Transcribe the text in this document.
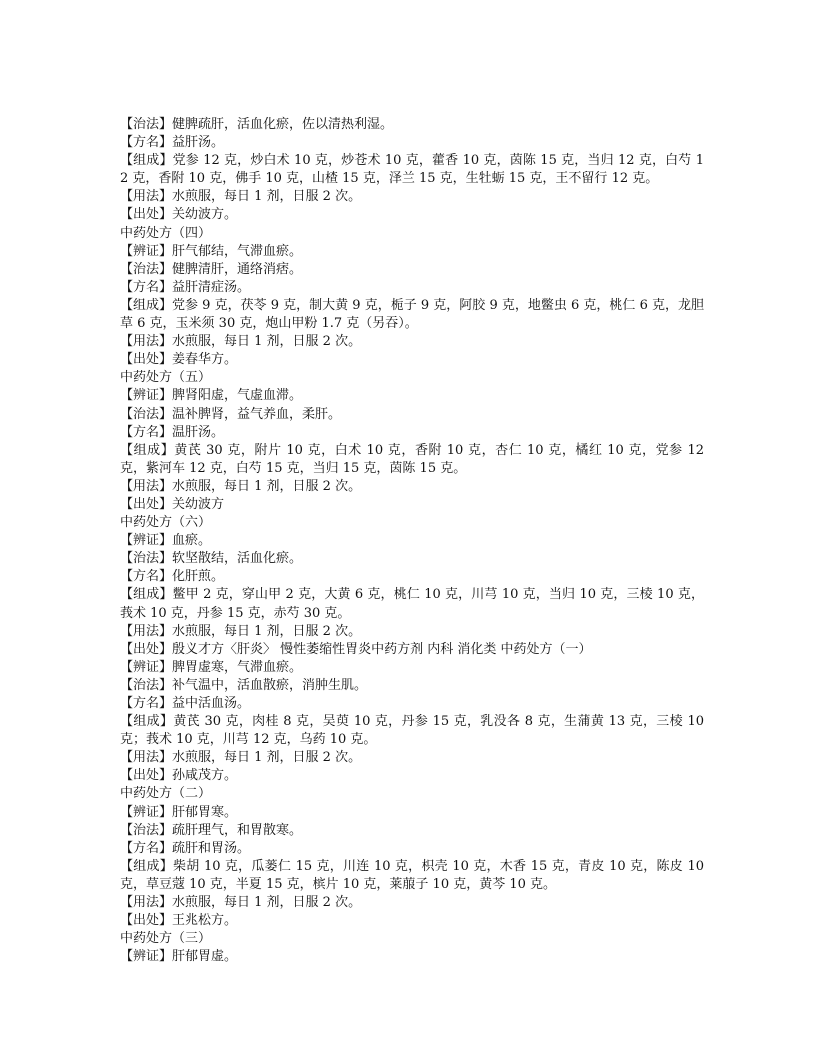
【治法】健脾疏肝，活血化瘀，佐以清热利湿。
【方名】益肝汤。
【组成】党参 12 克，炒白术 10 克，炒苍术 10 克，藿香 10 克，茵陈 15 克，当归 12 克，白芍 12 克，香附 10 克，佛手 10 克，山楂 15 克，泽兰 15 克，生牡蛎 15 克，王不留行 12 克。
【用法】水煎服，每日 1 剂，日服 2 次。
【出处】关幼波方。
中药处方（四）
【辨证】肝气郁结，气滞血瘀。
【治法】健脾清肝，通络消痞。
【方名】益肝清症汤。
【组成】党参 9 克，茯苓 9 克，制大黄 9 克，栀子 9 克，阿胶 9 克，地鳖虫 6 克，桃仁 6 克，龙胆草 6 克，玉米须 30 克，炮山甲粉 1.7 克（另吞）。
【用法】水煎服，每日 1 剂，日服 2 次。
【出处】姜春华方。
中药处方（五）
【辨证】脾肾阳虚，气虚血滞。
【治法】温补脾肾，益气养血，柔肝。
【方名】温肝汤。
【组成】黄芪 30 克，附片 10 克，白术 10 克，香附 10 克，杏仁 10 克，橘红 10 克，党参 12 克，紫河车 12 克，白芍 15 克，当归 15 克，茵陈 15 克。
【用法】水煎服，每日 1 剂，日服 2 次。
【出处】关幼波方
中药处方（六）
【辨证】血瘀。
【治法】软坚散结，活血化瘀。
【方名】化肝煎。
【组成】鳖甲 2 克，穿山甲 2 克，大黄 6 克，桃仁 10 克，川芎 10 克，当归 10 克，三棱 10 克，莪术 10 克，丹参 15 克，赤芍 30 克。
【用法】水煎服，每日 1 剂，日服 2 次。
【出处】殷义才方〈肝炎〉 慢性萎缩性胃炎中药方剂 内科 消化类 中药处方（一）
【辨证】脾胃虚寒，气滞血瘀。
【治法】补气温中，活血散瘀，消肿生肌。
【方名】益中活血汤。
【组成】黄芪 30 克，肉桂 8 克，吴萸 10 克，丹参 15 克，乳没各 8 克，生蒲黄 13 克，三棱 10 克；莪术 10 克，川芎 12 克，乌药 10 克。
【用法】水煎服，每日 1 剂，日服 2 次。
【出处】孙咸茂方。
中药处方（二）
【辨证】肝郁胃寒。
【治法】疏肝理气，和胃散寒。
【方名】疏肝和胃汤。
【组成】柴胡 10 克，瓜蒌仁 15 克，川连 10 克，枳壳 10 克，木香 15 克，青皮 10 克，陈皮 10 克，草豆蔻 10 克，半夏 15 克，槟片 10 克，莱菔子 10 克，黄芩 10 克。
【用法】水煎服，每日 1 剂，日服 2 次。
【出处】王兆松方。
中药处方（三）
【辨证】肝郁胃虚。
